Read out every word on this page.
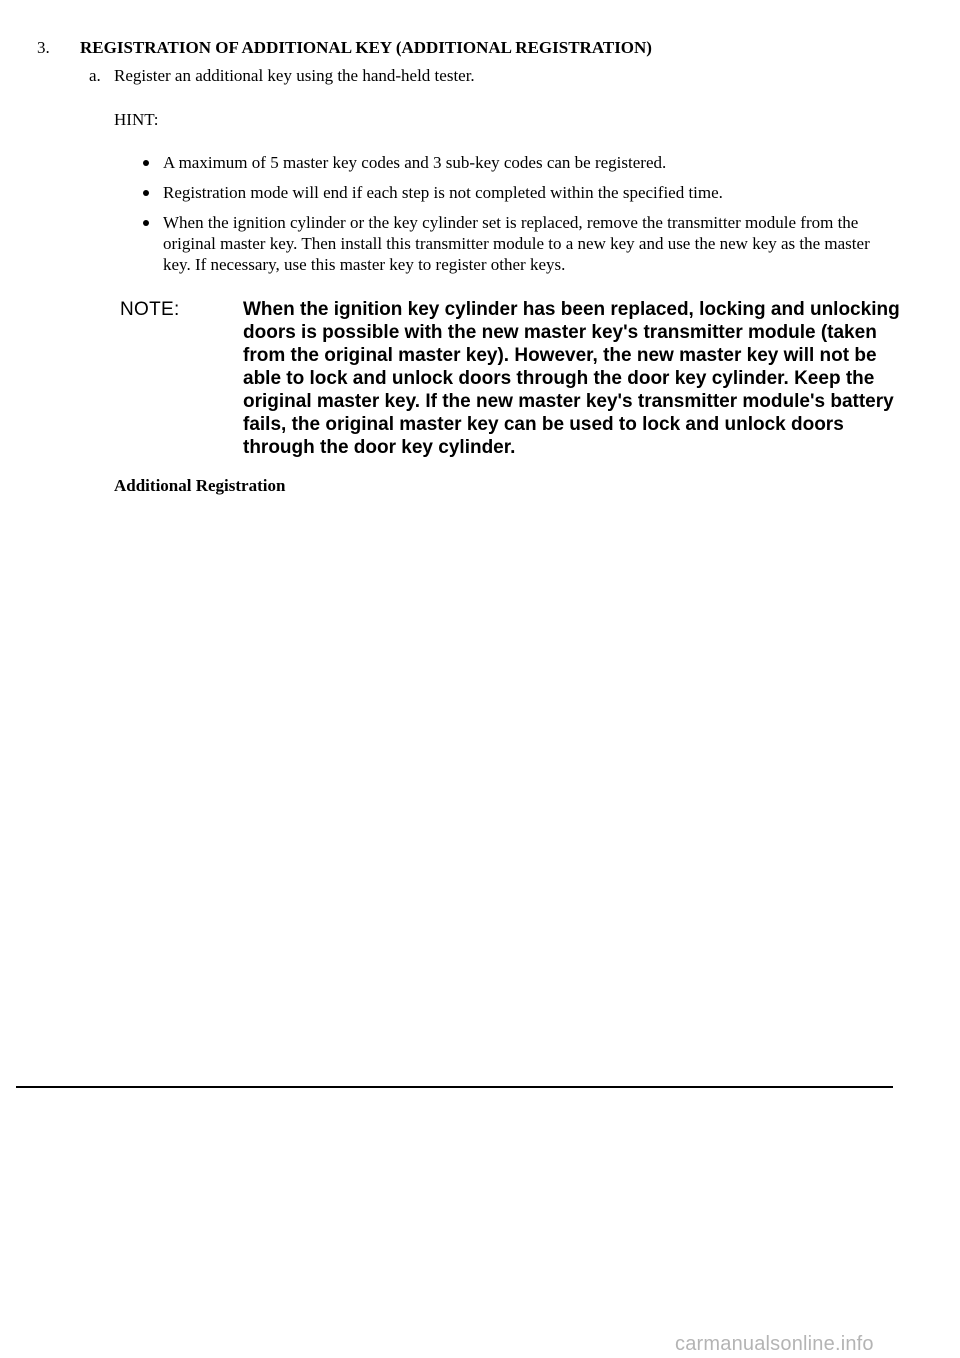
3. REGISTRATION OF ADDITIONAL KEY (ADDITIONAL REGISTRATION)
a. Register an additional key using the hand-held tester.
HINT:
A maximum of 5 master key codes and 3 sub-key codes can be registered.
Registration mode will end if each step is not completed within the specified time.
When the ignition cylinder or the key cylinder set is replaced, remove the transmitter module from the original master key. Then install this transmitter module to a new key and use the new key as the master key. If necessary, use this master key to register other keys.
NOTE:	When the ignition key cylinder has been replaced, locking and unlocking doors is possible with the new master key's transmitter module (taken from the original master key). However, the new master key will not be able to lock and unlock doors through the door key cylinder. Keep the original master key. If the new master key's transmitter module's battery fails, the original master key can be used to lock and unlock doors through the door key cylinder.
Additional Registration
carmanualsonline.info
